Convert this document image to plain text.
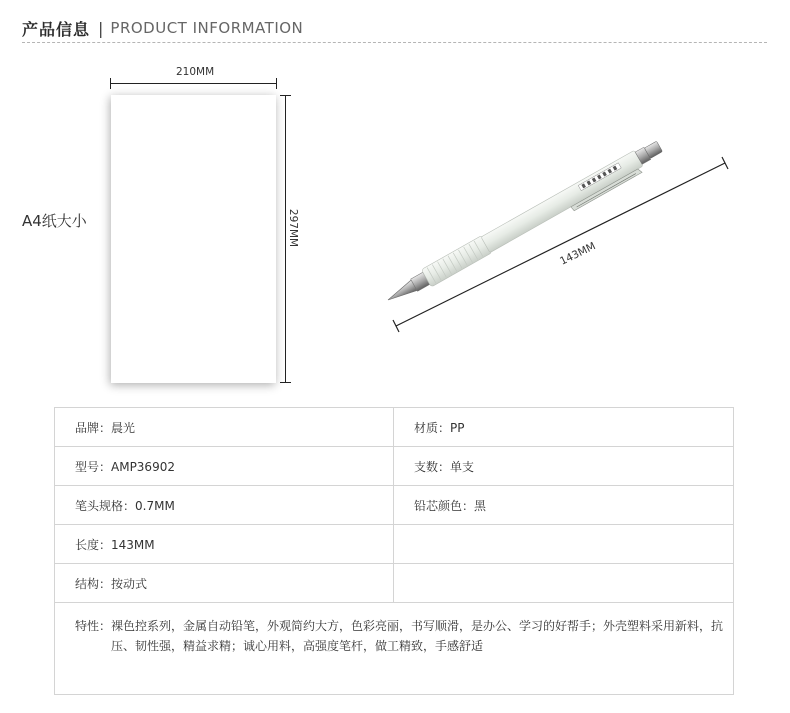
产品信息 | PRODUCT INFORMATION
A4纸大小
210MM
297MM
143MM
品牌：晨光	材质：PP
型号：AMP36902	支数：单支
笔头规格：0.7MM	铅芯颜色：黑
长度：143MM	
结构：按动式	

特性： 裸色控系列，金属自动铅笔，外观简约大方，色彩亮丽，书写顺滑，是办公、学习的好帮手；外壳塑料采用新料，抗压、韧性强，精益求精；诚心用料，高强度笔杆，做工精致，手感舒适	
